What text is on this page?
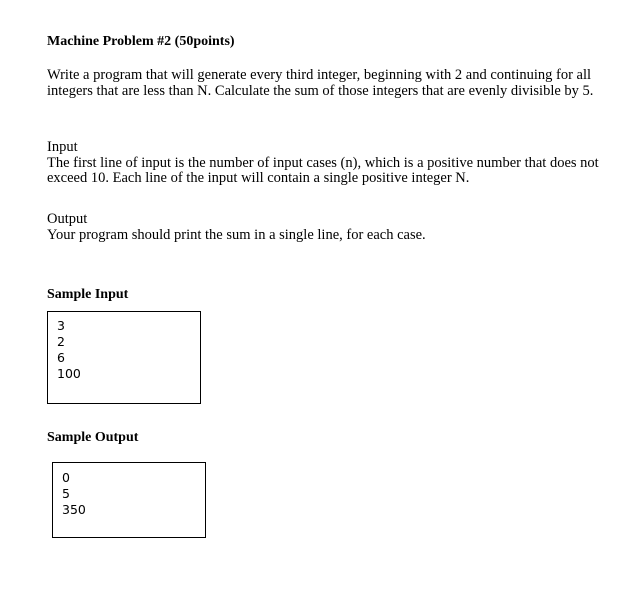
Machine Problem #2 (50points)

Write a program that will generate every third integer, beginning with 2 and continuing for all integers that are less than N. Calculate the sum of those integers that are evenly divisible by 5.

Input

The first line of input is the number of input cases (n), which is a positive number that does not exceed 10. Each line of the input will contain a single positive integer N.

Output

Your program should print the sum in a single line, for each case.

Sample Input
3
2
6
100
Sample Output
0
5
350
